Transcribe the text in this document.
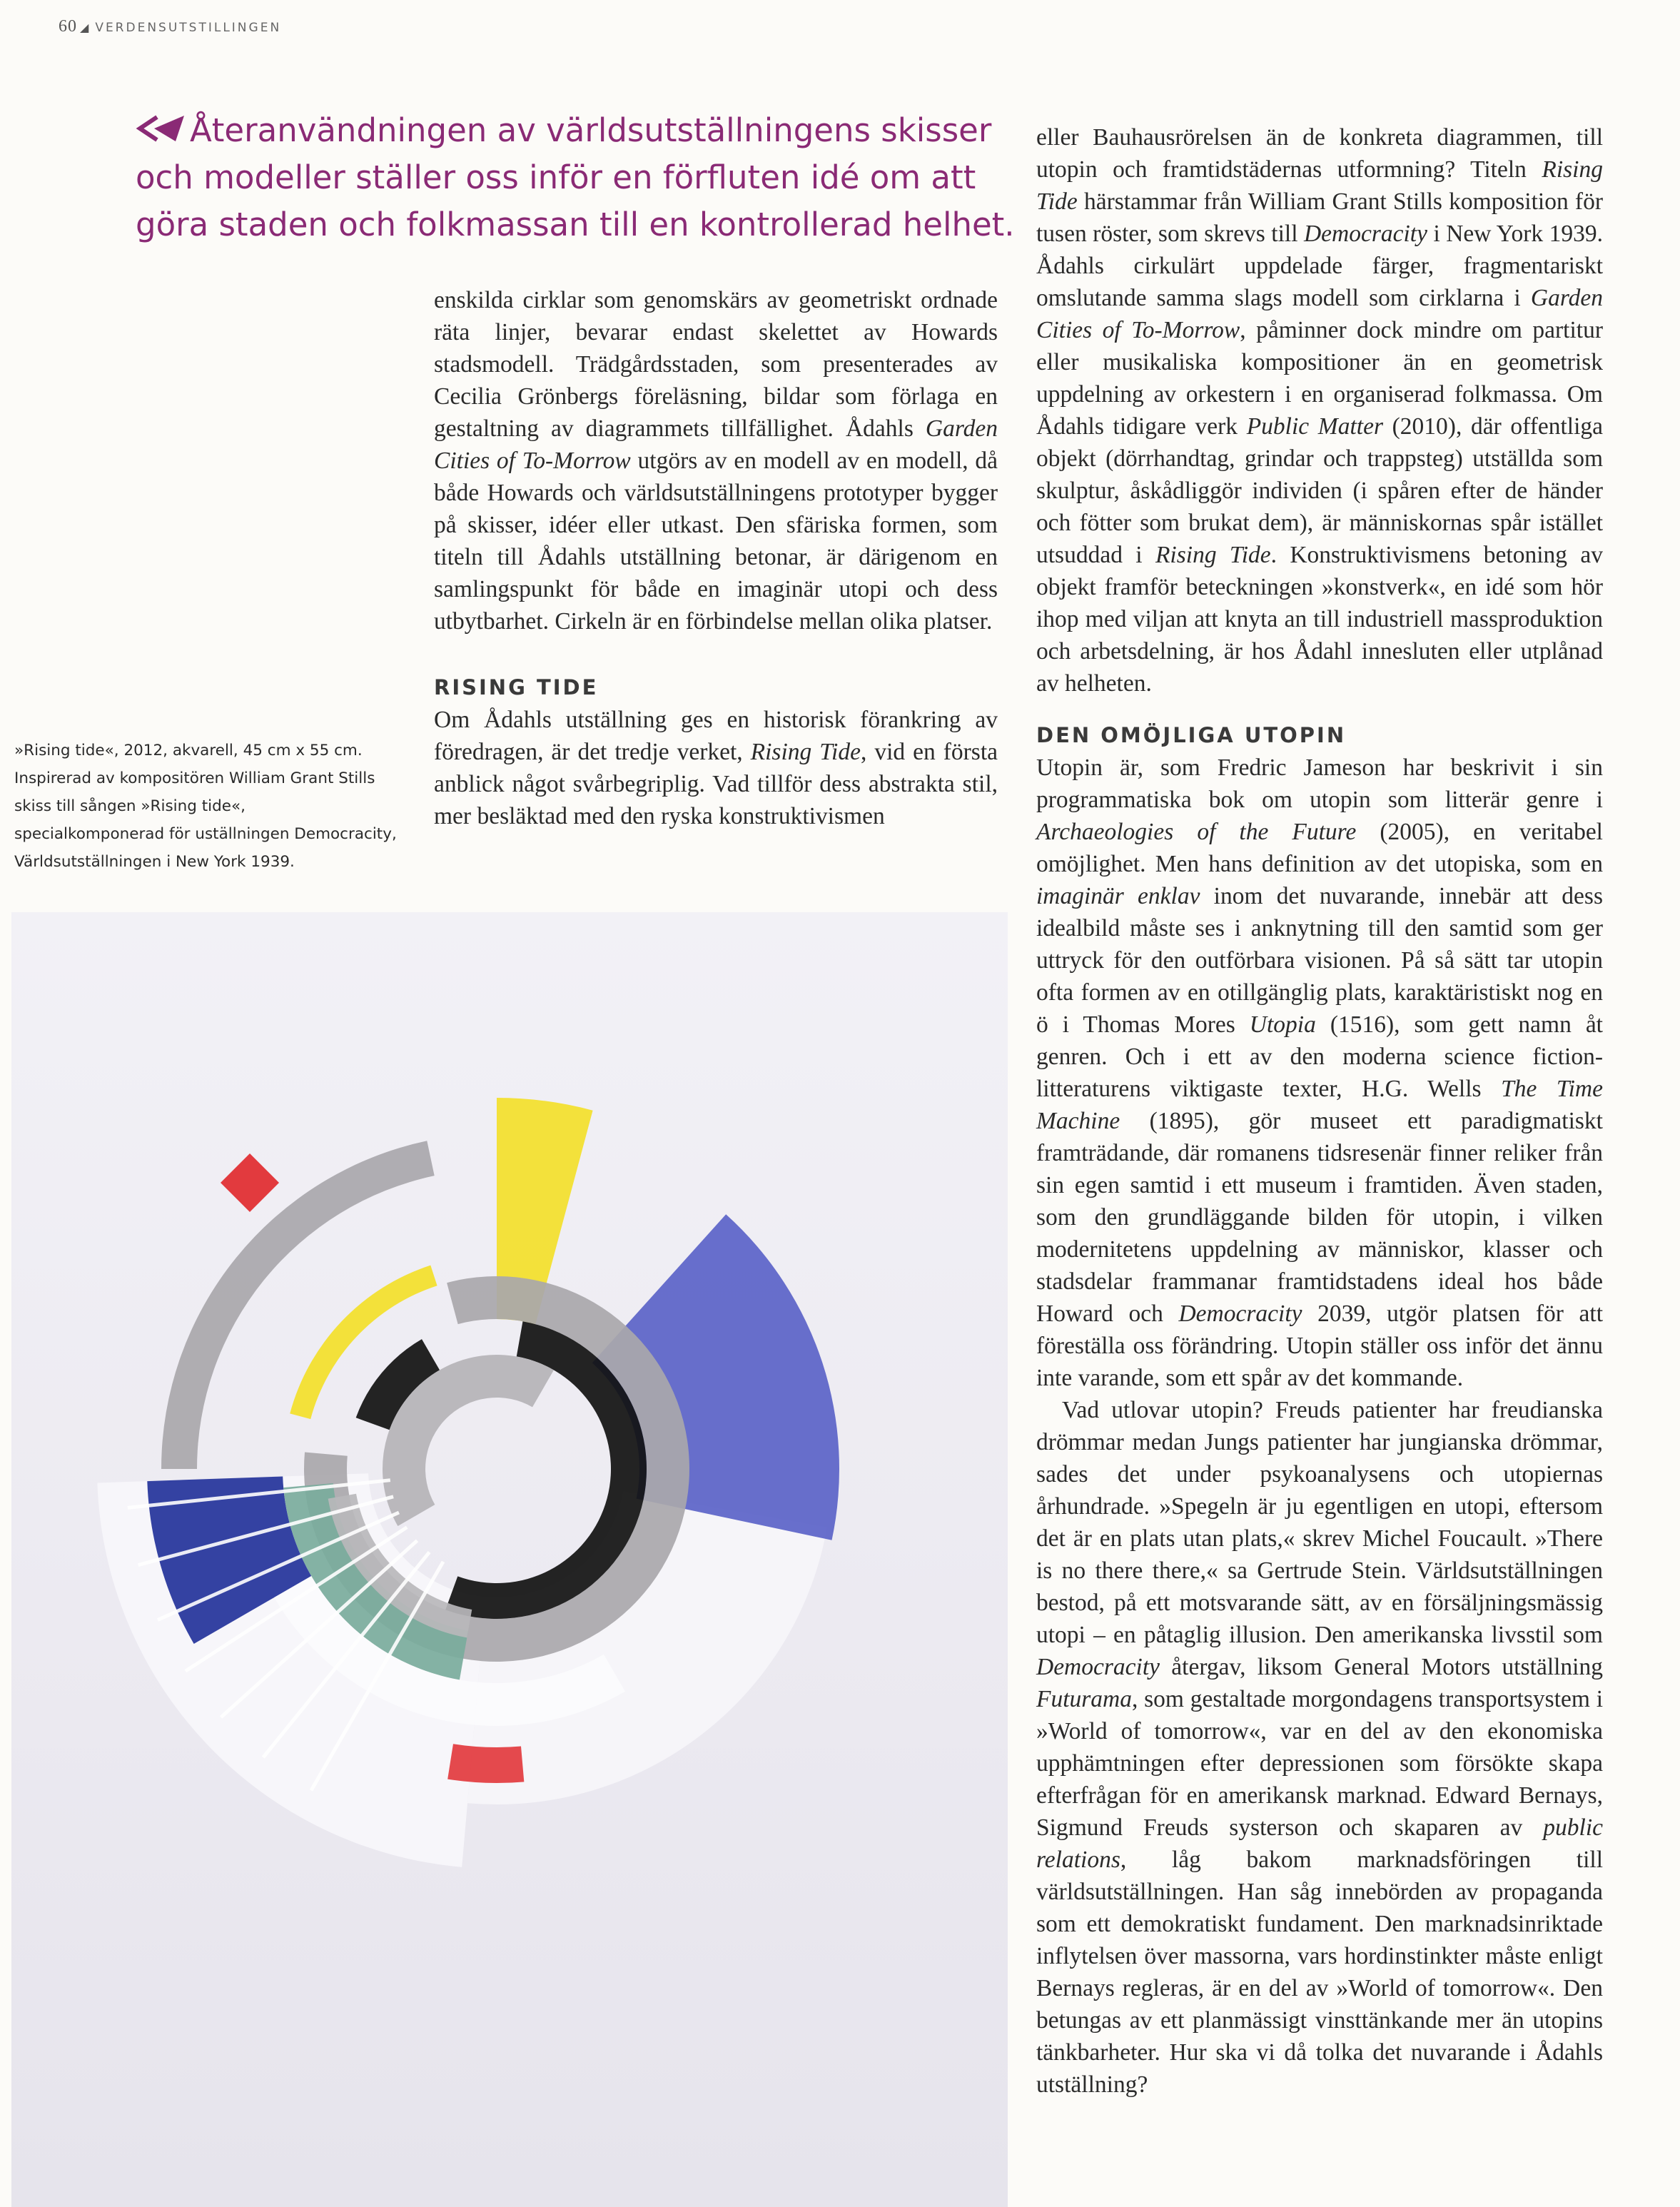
60 ◢ VERDENSUTSTILLINGEN

Återanvändningen av världsutställningens skisser och modeller ställer oss inför en förfluten idé om att göra staden och folkmassan till en kontrollerad helhet.

»Rising tide«, 2012, akvarell, 45 cm x 55 cm. Inspirerad av kompositören William Grant Stills skiss till sången »Rising tide«, specialkomponerad för uställningen Democracity, Världsutställningen i New York 1939.

enskilda cirklar som genomskärs av geometriskt ordnade räta linjer, bevarar endast skelettet av Howards stadsmodell. Trädgårdsstaden, som presenterades av Cecilia Grönbergs föreläsning, bildar som förlaga en gestaltning av diagrammets tillfällighet. Ådahls Garden Cities of To-Morrow utgörs av en modell av en modell, då både Howards och världsutställningens prototyper bygger på skisser, idéer eller utkast. Den sfäriska formen, som titeln till Ådahls utställning betonar, är därigenom en samlingspunkt för både en imaginär utopi och dess utbytbarhet. Cirkeln är en förbindelse mellan olika platser.

RISING TIDE

Om Ådahls utställning ges en historisk förankring av föredragen, är det tredje verket, Rising Tide, vid en första anblick något svårbegriplig. Vad tillför dess abstrakta stil, mer besläktad med den ryska konstruktivismen

eller Bauhausrörelsen än de konkreta diagrammen, till utopin och framtidstädernas utformning? Titeln Rising Tide härstammar från William Grant Stills komposition för tusen röster, som skrevs till Democracity i New York 1939. Ådahls cirkulärt uppdelade färger, fragmentariskt omslutande samma slags modell som cirklarna i Garden Cities of To-Morrow, påminner dock mindre om partitur eller musikaliska kompositioner än en geometrisk uppdelning av orkestern i en organiserad folkmassa. Om Ådahls tidigare verk Public Matter (2010), där offentliga objekt (dörrhandtag, grindar och trappsteg) utställda som skulptur, åskådliggör individen (i spåren efter de händer och fötter som brukat dem), är människornas spår istället utsuddad i Rising Tide. Konstruktivismens betoning av objekt framför beteckningen »konstverk«, en idé som hör ihop med viljan att knyta an till industriell massproduktion och arbetsdelning, är hos Ådahl innesluten eller utplånad av helheten.

DEN OMÖJLIGA UTOPIN

Utopin är, som Fredric Jameson har beskrivit i sin programmatiska bok om utopin som litterär genre i Archaeologies of the Future (2005), en veritabel omöjlighet. Men hans definition av det utopiska, som en imaginär enklav inom det nuvarande, innebär att dess idealbild måste ses i anknytning till den samtid som ger uttryck för den outförbara visionen. På så sätt tar utopin ofta formen av en otillgänglig plats, karaktäristiskt nog en ö i Thomas Mores Utopia (1516), som gett namn åt genren. Och i ett av den moderna science fiction-litteraturens viktigaste texter, H.G. Wells The Time Machine (1895), gör museet ett paradigmatiskt framträdande, där romanens tidsresenär finner reliker från sin egen samtid i ett museum i framtiden. Även staden, som den grundläggande bilden för utopin, i vilken modernitetens uppdelning av människor, klasser och stadsdelar frammanar framtidstadens ideal hos både Howard och Democracity 2039, utgör platsen för att föreställa oss förändring. Utopin ställer oss inför det ännu inte varande, som ett spår av det kommande.

Vad utlovar utopin? Freuds patienter har freudianska drömmar medan Jungs patienter har jungianska drömmar, sades det under psykoanalysens och utopiernas århundrade. »Spegeln är ju egentligen en utopi, eftersom det är en plats utan plats,« skrev Michel Foucault. »There is no there there,« sa Gertrude Stein. Världsutställningen bestod, på ett motsvarande sätt, av en försäljningsmässig utopi – en påtaglig illusion. Den amerikanska livsstil som Democracity återgav, liksom General Motors utställning Futurama, som gestaltade morgondagens transportsystem i »World of tomorrow«, var en del av den ekonomiska upphämtningen efter depressionen som försökte skapa efterfrågan för en amerikansk marknad. Edward Bernays, Sigmund Freuds systerson och skaparen av public relations, låg bakom marknadsföringen till världsutställningen. Han såg innebörden av propaganda som ett demokratiskt fundament. Den marknadsinriktade inflytelsen över massorna, vars hordinstinkter måste enligt Bernays regleras, är en del av »World of tomorrow«. Den betungas av ett planmässigt vinsttänkande mer än utopins tänkbarheter. Hur ska vi då tolka det nuvarande i Ådahls utställning?
